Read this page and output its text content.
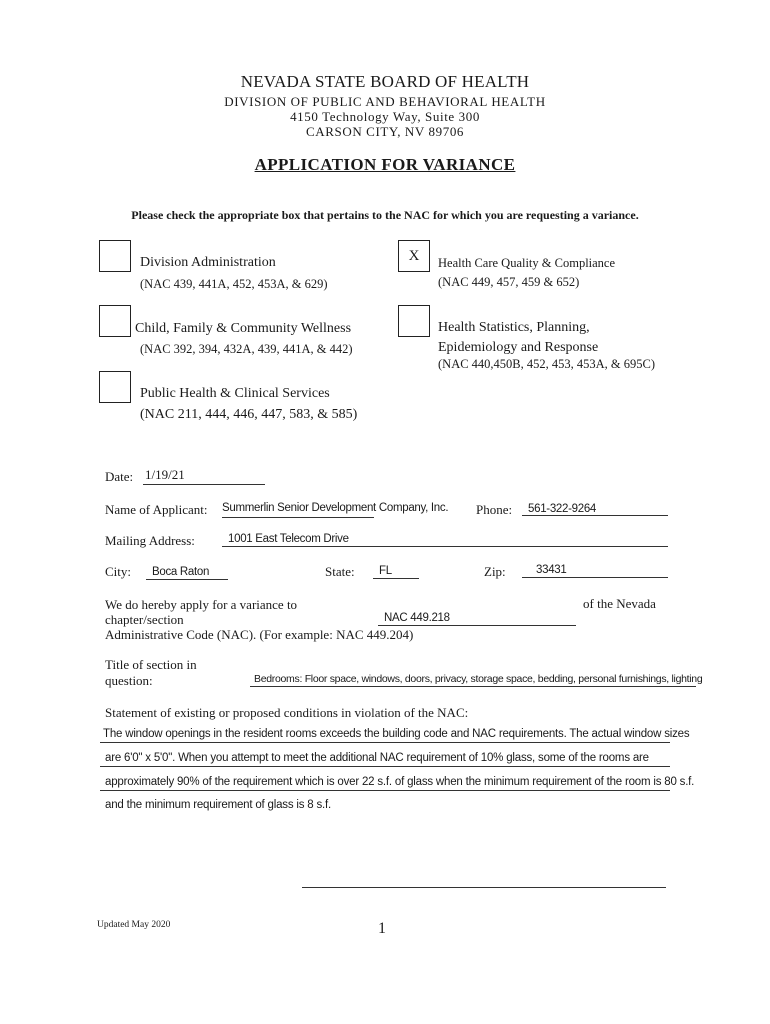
NEVADA STATE BOARD OF HEALTH
DIVISION OF PUBLIC AND BEHAVIORAL HEALTH
4150 Technology Way, Suite 300
CARSON CITY, NV 89706
APPLICATION FOR VARIANCE
Please check the appropriate box that pertains to the NAC for which you are requesting a variance.
Division Administration
(NAC 439, 441A, 452, 453A, & 629)
X	Health Care Quality & Compliance
(NAC 449, 457, 459 & 652)
Child, Family & Community Wellness
(NAC 392, 394, 432A, 439, 441A, & 442)
Health Statistics, Planning,
Epidemiology and Response
(NAC 440,450B, 452, 453, 453A, & 695C)
Public Health & Clinical Services
(NAC 211, 444, 446, 447, 583, & 585)
Date: 1/19/21
Name of Applicant: Summerlin Senior Development Company, Inc. Phone: 561-322-9264
Mailing Address:	1001 East Telecom Drive
City: Boca Raton	State: FL	Zip:	33431
We do hereby apply for a variance to	of the Nevada
chapter/section	NAC 449.218
Administrative Code (NAC). (For example: NAC 449.204)
Title of section in
question:	Bedrooms: Floor space, windows, doors, privacy, storage space, bedding, personal furnishings, lighting
Statement of existing or proposed conditions in violation of the NAC:
The window openings in the resident rooms exceeds the building code and NAC requirements. The actual window sizes
are 6'0" x 5'0". When you attempt to meet the additional NAC requirement of 10% glass, some of the rooms are
approximately 90% of the requirement which is over 22 s.f. of glass when the minimum requirement of the room is 80 s.f.
and the minimum requirement of glass is 8 s.f.
Updated May 2020	1
